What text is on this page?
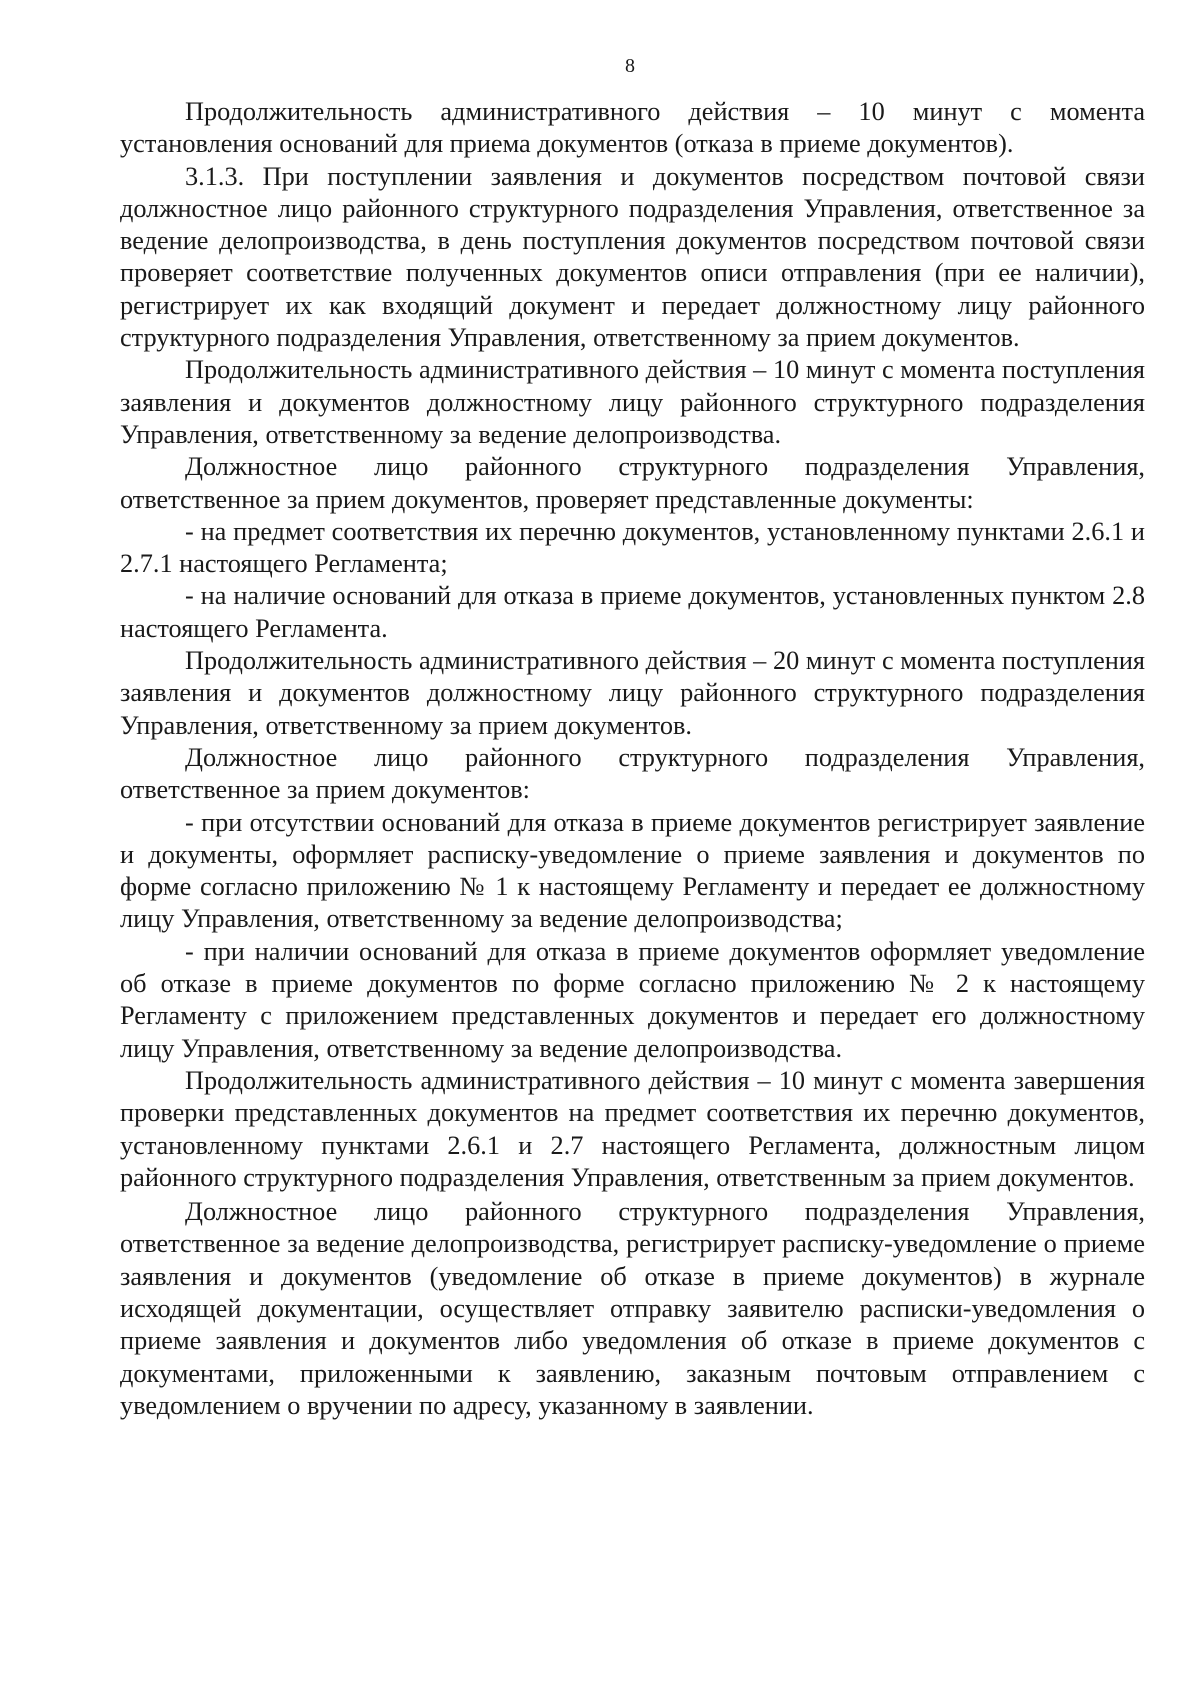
8

Продолжительность административного действия – 10 минут с момента установления оснований для приема документов (отказа в приеме документов).

3.1.3. При поступлении заявления и документов посредством почтовой связи должностное лицо районного структурного подразделения Управления, ответственное за ведение делопроизводства, в день поступления документов посредством почтовой связи проверяет соответствие полученных документов описи отправления (при ее наличии), регистрирует их как входящий документ и передает должностному лицу районного структурного подразделения Управления, ответственному за прием документов.

Продолжительность административного действия – 10 минут с момента поступления заявления и документов должностному лицу районного структурного подразделения Управления, ответственному за ведение делопроизводства.

Должностное лицо районного структурного подразделения Управления, ответственное за прием документов, проверяет представленные документы:

- на предмет соответствия их перечню документов, установленному пунктами 2.6.1 и 2.7.1 настоящего Регламента;

- на наличие оснований для отказа в приеме документов, установленных пунктом 2.8 настоящего Регламента.

Продолжительность административного действия – 20 минут с момента поступления заявления и документов должностному лицу районного структурного подразделения Управления, ответственному за прием документов.

Должностное лицо районного структурного подразделения Управления, ответственное за прием документов:

- при отсутствии оснований для отказа в приеме документов регистрирует заявление и документы, оформляет расписку-уведомление о приеме заявления и документов по форме согласно приложению № 1 к настоящему Регламенту и передает ее должностному лицу Управления, ответственному за ведение делопроизводства;

- при наличии оснований для отказа в приеме документов оформляет уведомление об отказе в приеме документов по форме согласно приложению № 2 к настоящему Регламенту с приложением представленных документов и передает его должностному лицу Управления, ответственному за ведение делопроизводства.

Продолжительность административного действия – 10 минут с момента завершения проверки представленных документов на предмет соответствия их перечню документов, установленному пунктами 2.6.1 и 2.7 настоящего Регламента, должностным лицом районного структурного подразделения Управления, ответственным за прием документов.

Должностное лицо районного структурного подразделения Управления, ответственное за ведение делопроизводства, регистрирует расписку-уведомление о приеме заявления и документов (уведомление об отказе в приеме документов) в журнале исходящей документации, осуществляет отправку заявителю расписки-уведомления о приеме заявления и документов либо уведомления об отказе в приеме документов с документами, приложенными к заявлению, заказным почтовым отправлением с уведомлением о вручении по адресу, указанному в заявлении.
